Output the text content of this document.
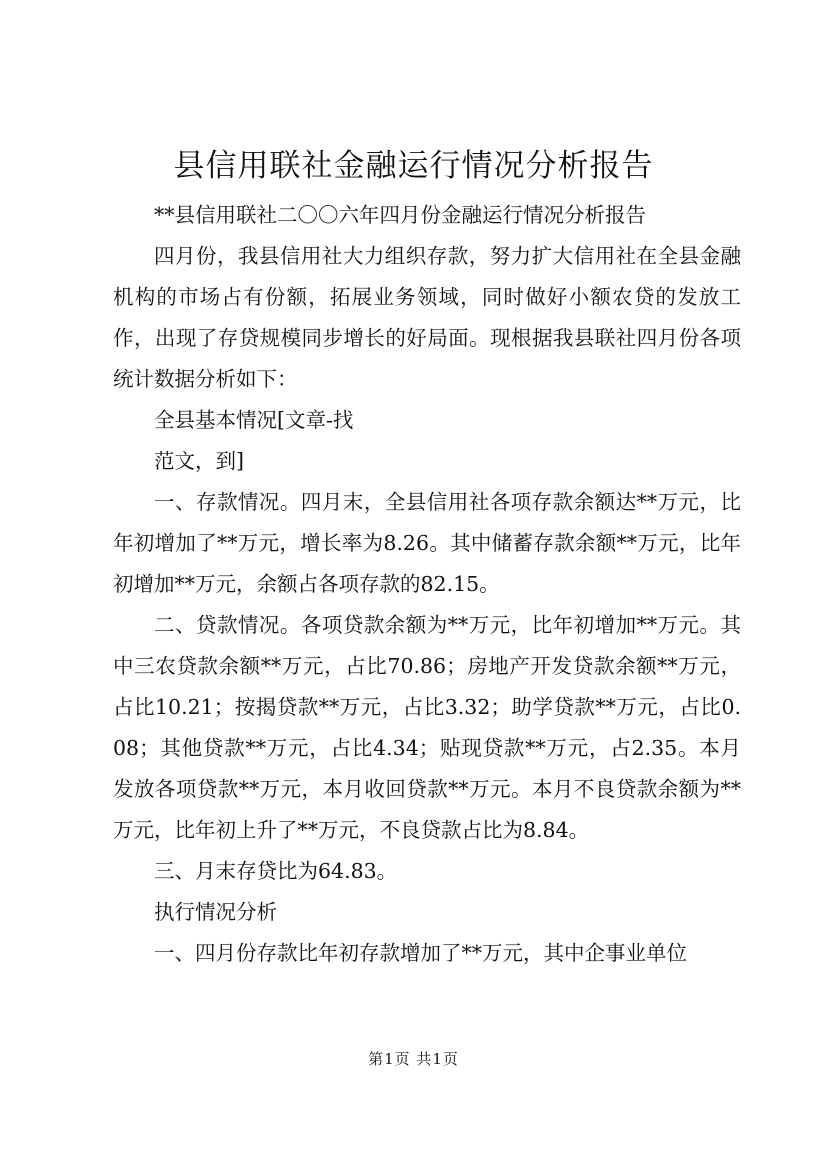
县信用联社金融运行情况分析报告

**县信用联社二〇〇六年四月份金融运行情况分析报告

四月份，我县信用社大力组织存款，努力扩大信用社在全县金融机构的市场占有份额，拓展业务领域，同时做好小额农贷的发放工作，出现了存贷规模同步增长的好局面。现根据我县联社四月份各项统计数据分析如下：

全县基本情况[文章-找

范文，到]

一、存款情况。四月末，全县信用社各项存款余额达**万元，比年初增加了**万元，增长率为8.26。其中储蓄存款余额**万元，比年初增加**万元，余额占各项存款的82.15。

二、贷款情况。各项贷款余额为**万元，比年初增加**万元。其中三农贷款余额**万元，占比70.86；房地产开发贷款余额**万元，占比10.21；按揭贷款**万元，占比3.32；助学贷款**万元，占比0.08；其他贷款**万元，占比4.34；贴现贷款**万元，占2.35。本月发放各项贷款**万元，本月收回贷款**万元。本月不良贷款余额为**万元，比年初上升了**万元，不良贷款占比为8.84。

三、月末存贷比为64.83。

执行情况分析

一、四月份存款比年初存款增加了**万元，其中企事业单位

第1页 共1页
